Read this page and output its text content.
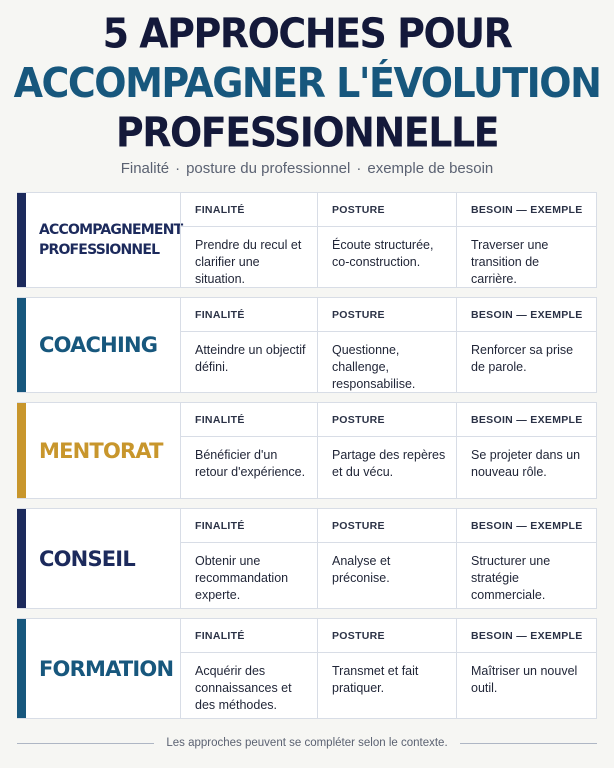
5 APPROCHES POUR
ACCOMPAGNER L'ÉVOLUTION
PROFESSIONNELLE
Finalité · posture du professionnel · exemple de besoin
ACCOMPAGNEMENT
PROFESSIONNEL
FINALITÉ
Prendre du recul et clarifier une situation.
POSTURE
Écoute structurée, co-construction.
BESOIN — EXEMPLE
Traverser une transition de carrière.
COACHING
FINALITÉ
Atteindre un objectif défini.
POSTURE
Questionne, challenge, responsabilise.
BESOIN — EXEMPLE
Renforcer sa prise de parole.
MENTORAT
FINALITÉ
Bénéficier d'un retour d'expérience.
POSTURE
Partage des repères et du vécu.
BESOIN — EXEMPLE
Se projeter dans un nouveau rôle.
CONSEIL
FINALITÉ
Obtenir une recommandation experte.
POSTURE
Analyse et préconise.
BESOIN — EXEMPLE
Structurer une stratégie commerciale.
FORMATION
FINALITÉ
Acquérir des connaissances et des méthodes.
POSTURE
Transmet et fait pratiquer.
BESOIN — EXEMPLE
Maîtriser un nouvel outil.
Les approches peuvent se compléter selon le contexte.
